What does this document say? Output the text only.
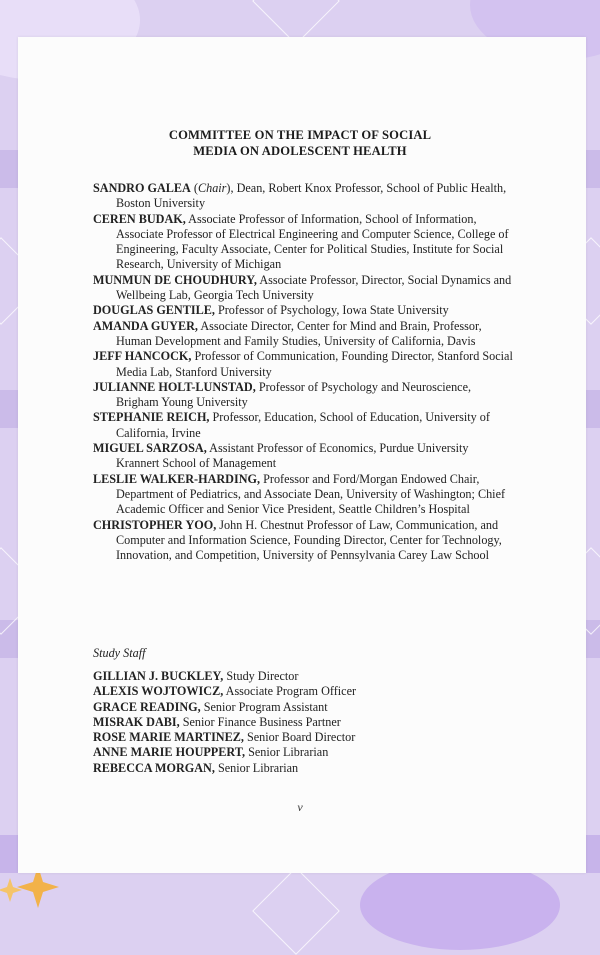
COMMITTEE ON THE IMPACT OF SOCIAL
MEDIA ON ADOLESCENT HEALTH

SANDRO GALEA (Chair), Dean, Robert Knox Professor, School of Public Health, Boston University

CEREN BUDAK, Associate Professor of Information, School of Information, Associate Professor of Electrical Engineering and Computer Science, College of Engineering, Faculty Associate, Center for Political Studies, Institute for Social Research, University of Michigan

MUNMUN DE CHOUDHURY, Associate Professor, Director, Social Dynamics and Wellbeing Lab, Georgia Tech University

DOUGLAS GENTILE, Professor of Psychology, Iowa State University

AMANDA GUYER, Associate Director, Center for Mind and Brain, Professor, Human Development and Family Studies, University of California, Davis

JEFF HANCOCK, Professor of Communication, Founding Director, Stanford Social Media Lab, Stanford University

JULIANNE HOLT-LUNSTAD, Professor of Psychology and Neuroscience, Brigham Young University

STEPHANIE REICH, Professor, Education, School of Education, University of California, Irvine

MIGUEL SARZOSA, Assistant Professor of Economics, Purdue University Krannert School of Management

LESLIE WALKER-HARDING, Professor and Ford/Morgan Endowed Chair, Department of Pediatrics, and Associate Dean, University of Washington; Chief Academic Officer and Senior Vice President, Seattle Children’s Hospital

CHRISTOPHER YOO, John H. Chestnut Professor of Law, Communication, and Computer and Information Science, Founding Director, Center for Technology, Innovation, and Competition, University of Pennsylvania Carey Law School

Study Staff

GILLIAN J. BUCKLEY, Study Director

ALEXIS WOJTOWICZ, Associate Program Officer

GRACE READING, Senior Program Assistant

MISRAK DABI, Senior Finance Business Partner

ROSE MARIE MARTINEZ, Senior Board Director

ANNE MARIE HOUPPERT, Senior Librarian

REBECCA MORGAN, Senior Librarian

v
